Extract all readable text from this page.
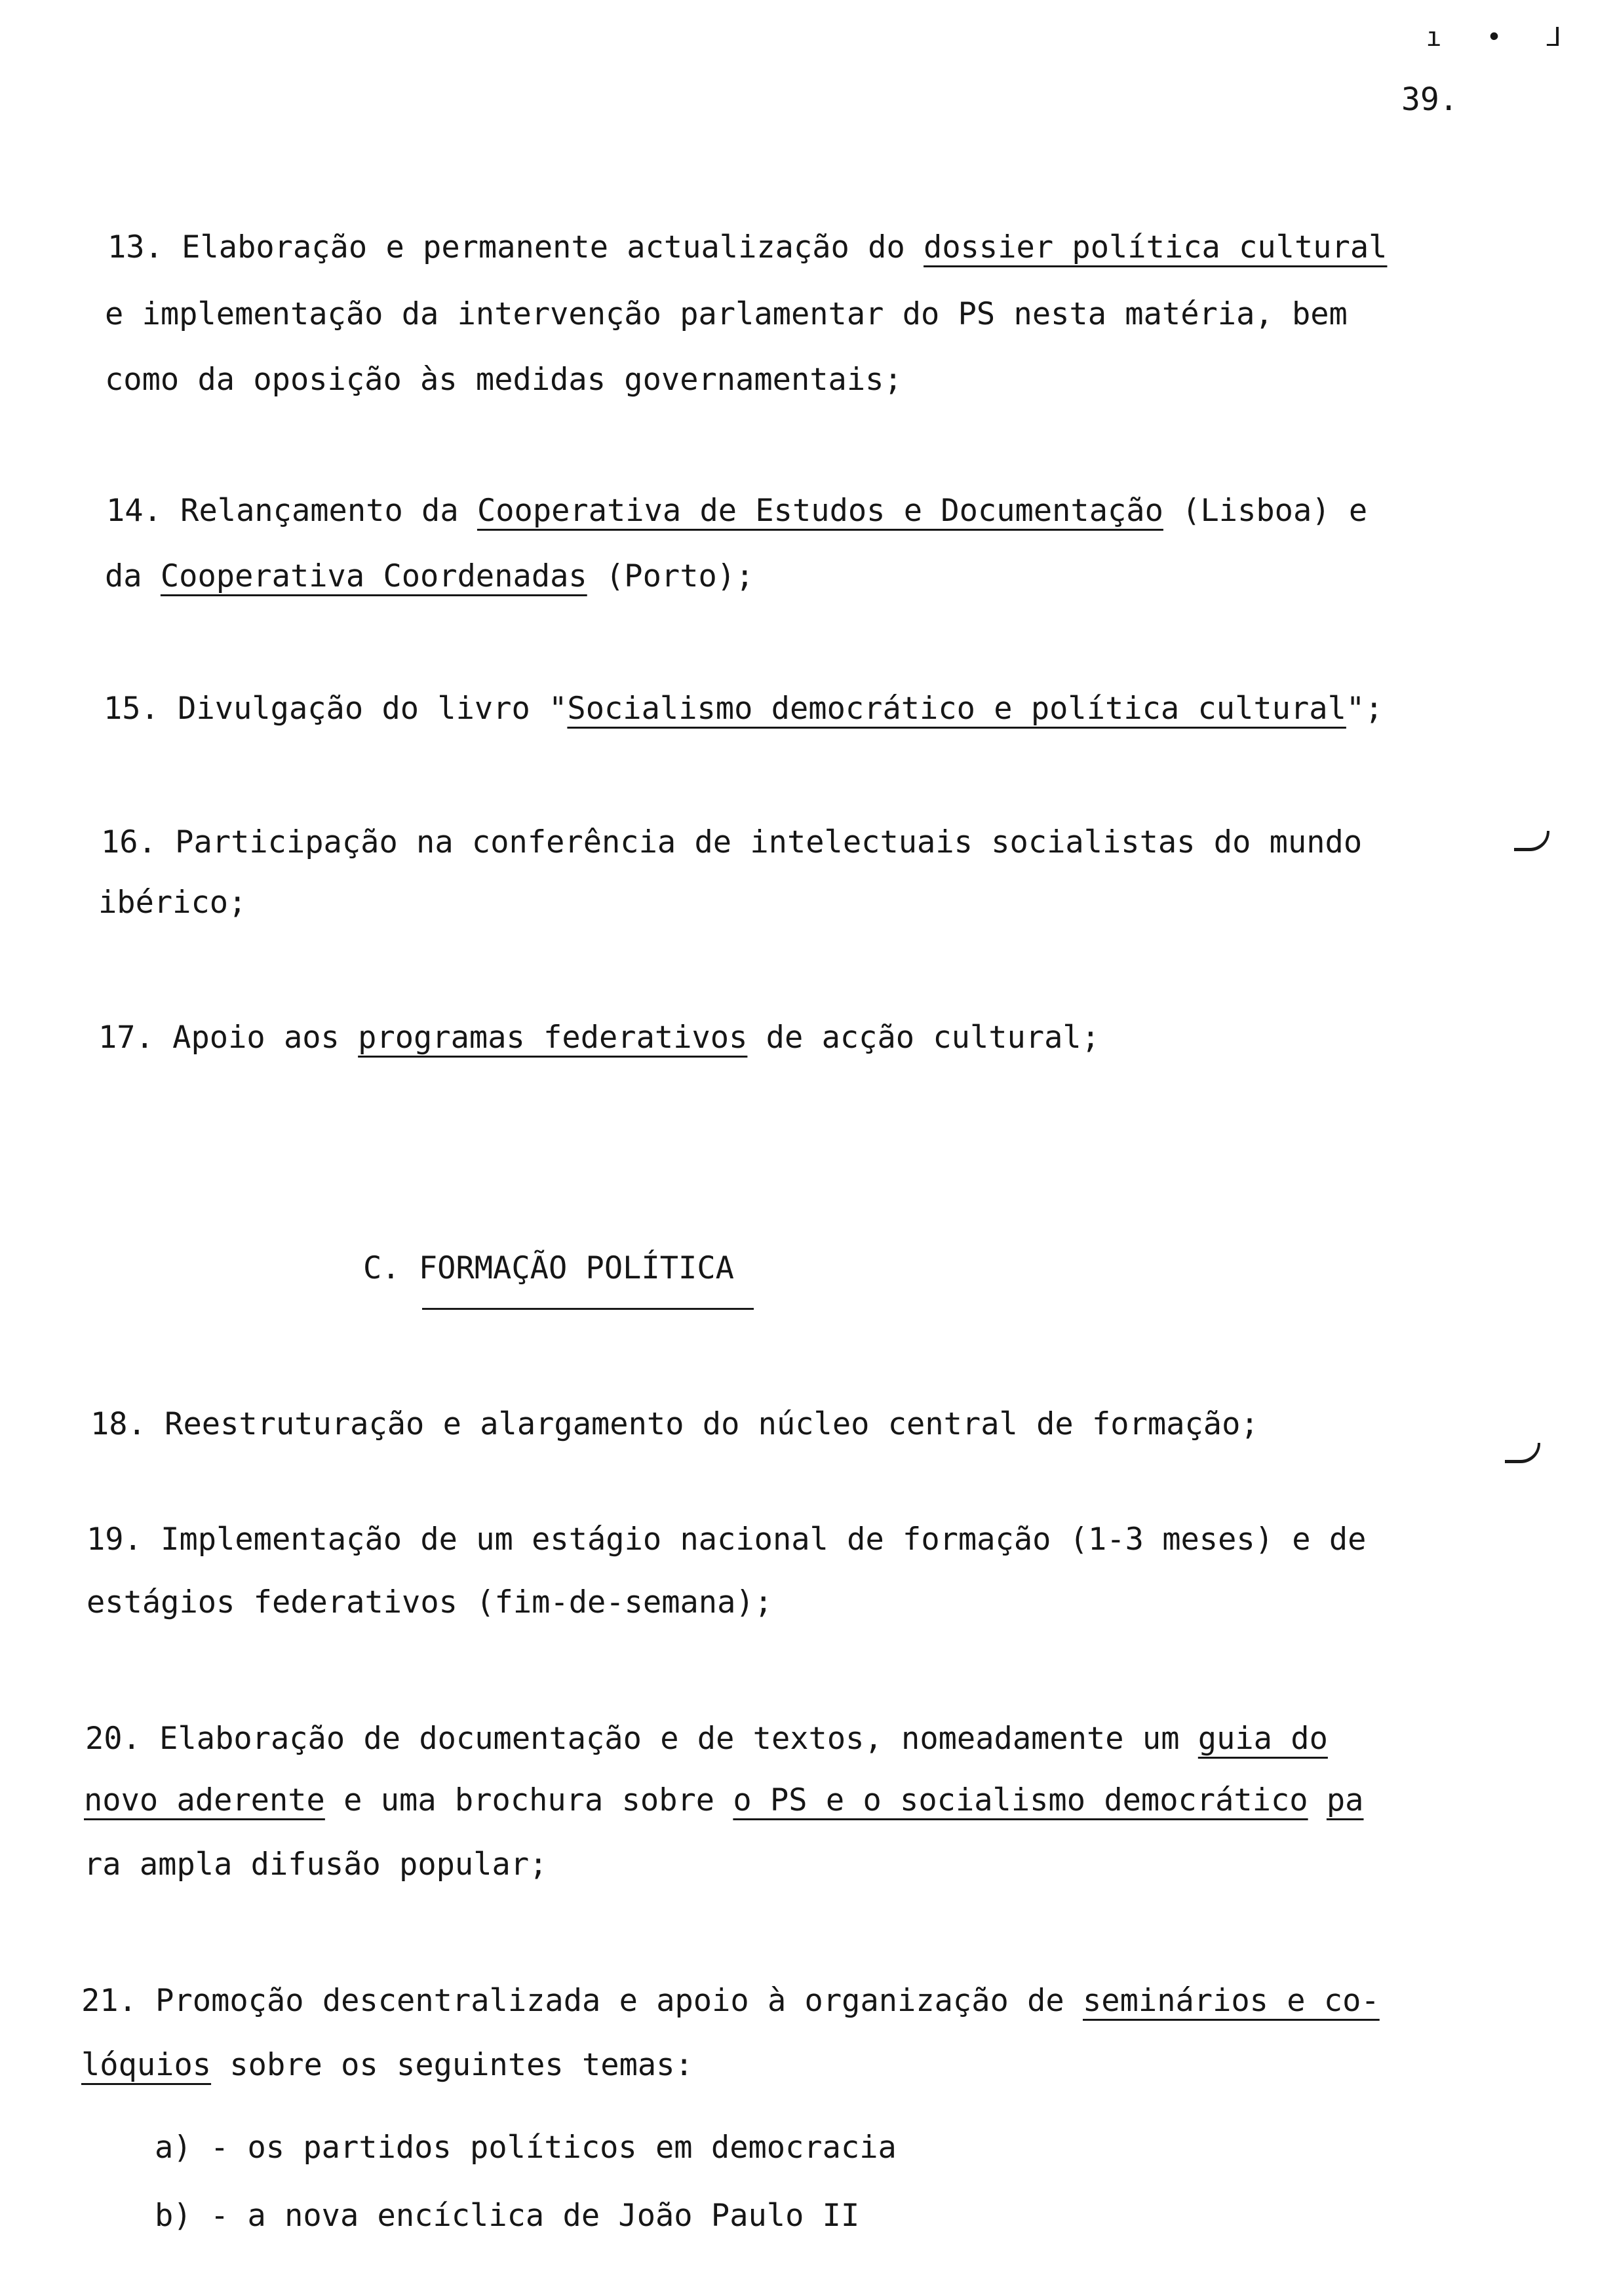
ı • ⅃
39.
13. Elaboração e permanente actualização do dossier política cultural
e implementação da intervenção parlamentar do PS nesta matéria, bem
como da oposição às medidas governamentais;
14. Relançamento da Cooperativa de Estudos e Documentação (Lisboa) e
da Cooperativa Coordenadas (Porto);
15. Divulgação do livro "Socialismo democrático e política cultural";
16. Participação na conferência de intelectuais socialistas do mundo
ibérico;
17. Apoio aos programas federativos de acção cultural;
C. FORMAÇÃO POLÍTICA
18. Reestruturação e alargamento do núcleo central de formação;
19. Implementação de um estágio nacional de formação (1-3 meses) e de
estágios federativos (fim-de-semana);
20. Elaboração de documentação e de textos, nomeadamente um guia do
novo aderente e uma brochura sobre o PS e o socialismo democrático pa
ra ampla difusão popular;
21. Promoção descentralizada e apoio à organização de seminários e co-
lóquios sobre os seguintes temas:
a) - os partidos políticos em democracia
b) - a nova encíclica de João Paulo II
